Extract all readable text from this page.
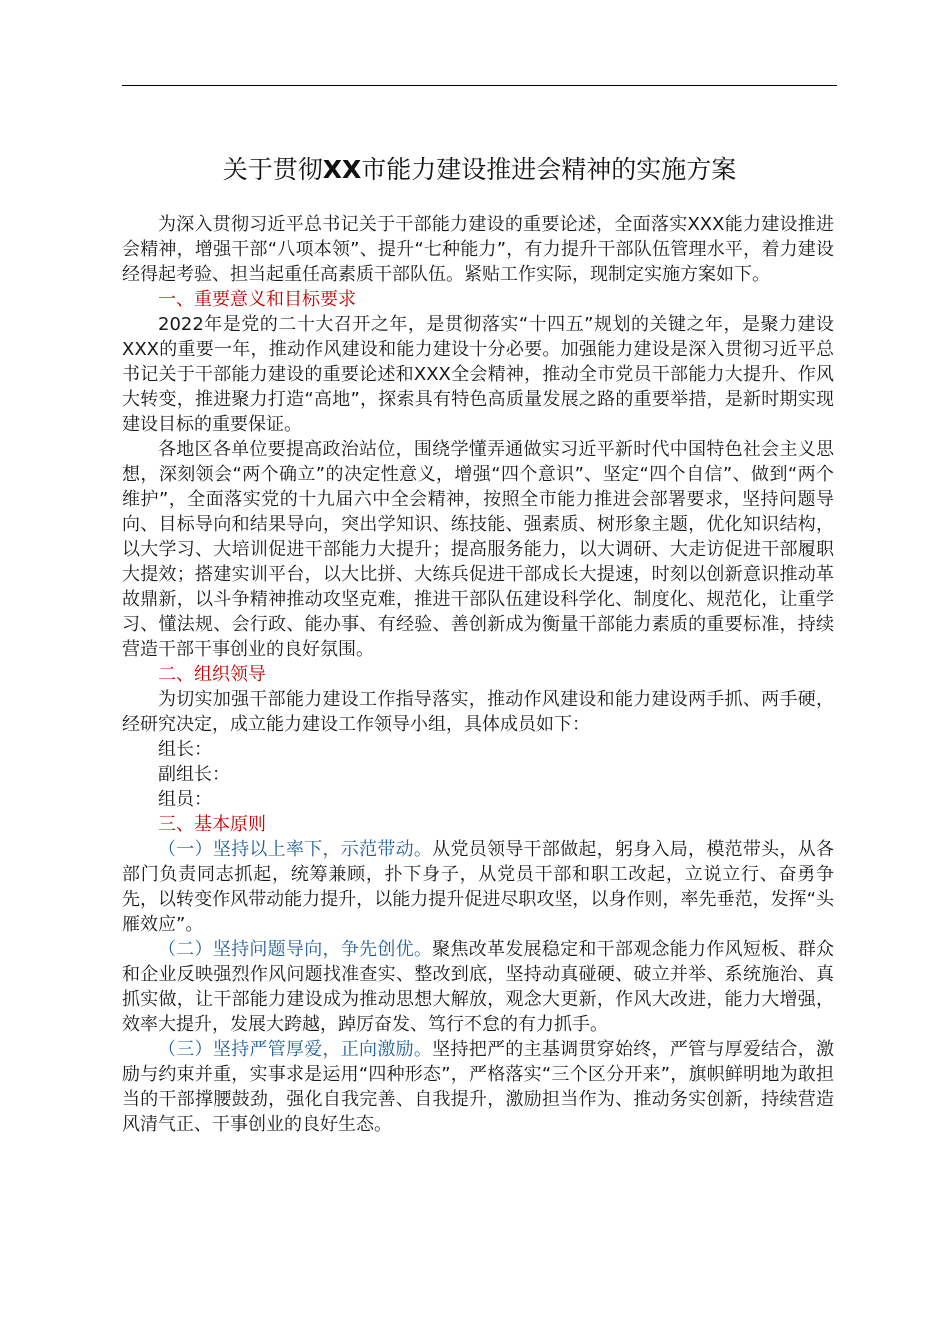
关于贯彻XX市能力建设推进会精神的实施方案

为深入贯彻习近平总书记关于干部能力建设的重要论述，全面落实XXX能力建设推进会精神，增强干部“八项本领”、提升“七种能力”，有力提升干部队伍管理水平，着力建设经得起考验、担当起重任高素质干部队伍。紧贴工作实际，现制定实施方案如下。

一、重要意义和目标要求

2022年是党的二十大召开之年，是贯彻落实“十四五”规划的关键之年，是聚力建设XXX的重要一年，推动作风建设和能力建设十分必要。加强能力建设是深入贯彻习近平总书记关于干部能力建设的重要论述和XXX全会精神，推动全市党员干部能力大提升、作风大转变，推进聚力打造“高地”，探索具有特色高质量发展之路的重要举措，是新时期实现建设目标的重要保证。

各地区各单位要提高政治站位，围绕学懂弄通做实习近平新时代中国特色社会主义思想，深刻领会“两个确立”的决定性意义，增强“四个意识”、坚定“四个自信”、做到“两个维护”，全面落实党的十九届六中全会精神，按照全市能力推进会部署要求，坚持问题导向、目标导向和结果导向，突出学知识、练技能、强素质、树形象主题，优化知识结构，以大学习、大培训促进干部能力大提升；提高服务能力，以大调研、大走访促进干部履职大提效；搭建实训平台，以大比拼、大练兵促进干部成长大提速，时刻以创新意识推动革故鼎新，以斗争精神推动攻坚克难，推进干部队伍建设科学化、制度化、规范化，让重学习、懂法规、会行政、能办事、有经验、善创新成为衡量干部能力素质的重要标准，持续营造干部干事创业的良好氛围。

二、组织领导

为切实加强干部能力建设工作指导落实，推动作风建设和能力建设两手抓、两手硬，经研究决定，成立能力建设工作领导小组，具体成员如下：

组长：

副组长：

组员：

三、基本原则

（一）坚持以上率下，示范带动。从党员领导干部做起，躬身入局，模范带头，从各部门负责同志抓起，统筹兼顾，扑下身子，从党员干部和职工改起，立说立行、奋勇争先，以转变作风带动能力提升，以能力提升促进尽职攻坚，以身作则，率先垂范，发挥“头雁效应”。

（二）坚持问题导向，争先创优。聚焦改革发展稳定和干部观念能力作风短板、群众和企业反映强烈作风问题找准查实、整改到底，坚持动真碰硬、破立并举、系统施治、真抓实做，让干部能力建设成为推动思想大解放，观念大更新，作风大改进，能力大增强，效率大提升，发展大跨越，踔厉奋发、笃行不怠的有力抓手。

（三）坚持严管厚爱，正向激励。坚持把严的主基调贯穿始终，严管与厚爱结合，激励与约束并重，实事求是运用“四种形态”，严格落实“三个区分开来”，旗帜鲜明地为敢担当的干部撑腰鼓劲，强化自我完善、自我提升，激励担当作为、推动务实创新，持续营造风清气正、干事创业的良好生态。
